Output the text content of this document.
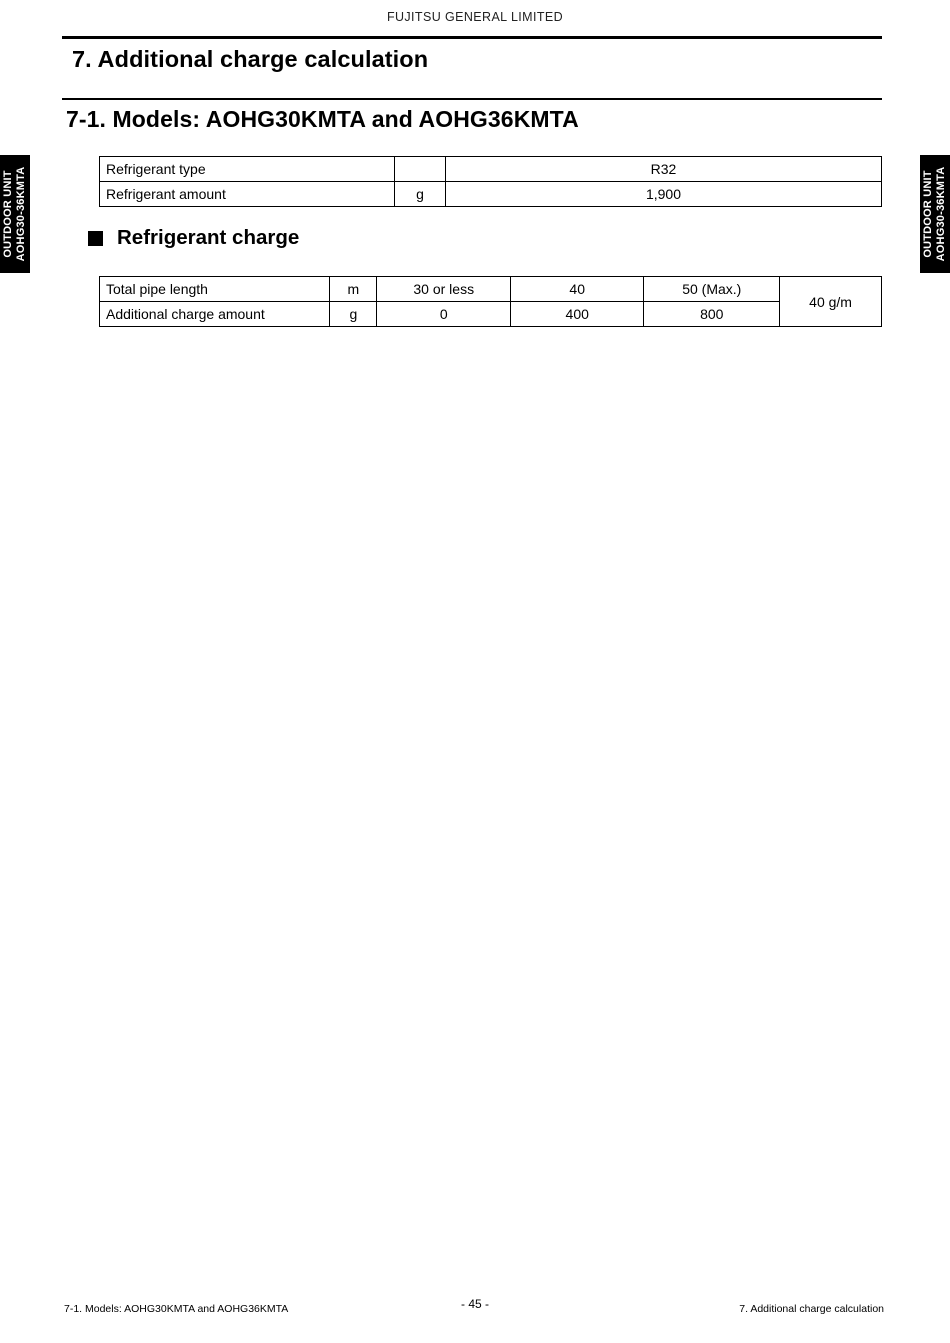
FUJITSU GENERAL LIMITED
OUTDOOR UNIT
AOHG30-36KMTA	OUTDOOR UNIT
AOHG30-36KMTA
7. Additional charge calculation
7-1. Models: AOHG30KMTA and AOHG36KMTA
Refrigerant type		R32
Refrigerant amount	g	1,900
Refrigerant charge
Total pipe length	m	30 or less	40	50 (Max.)	40 g/m
Additional charge amount	g	0	400	800	
7-1. Models: AOHG30KMTA and AOHG36KMTA	- 45 -	7. Additional charge calculation
